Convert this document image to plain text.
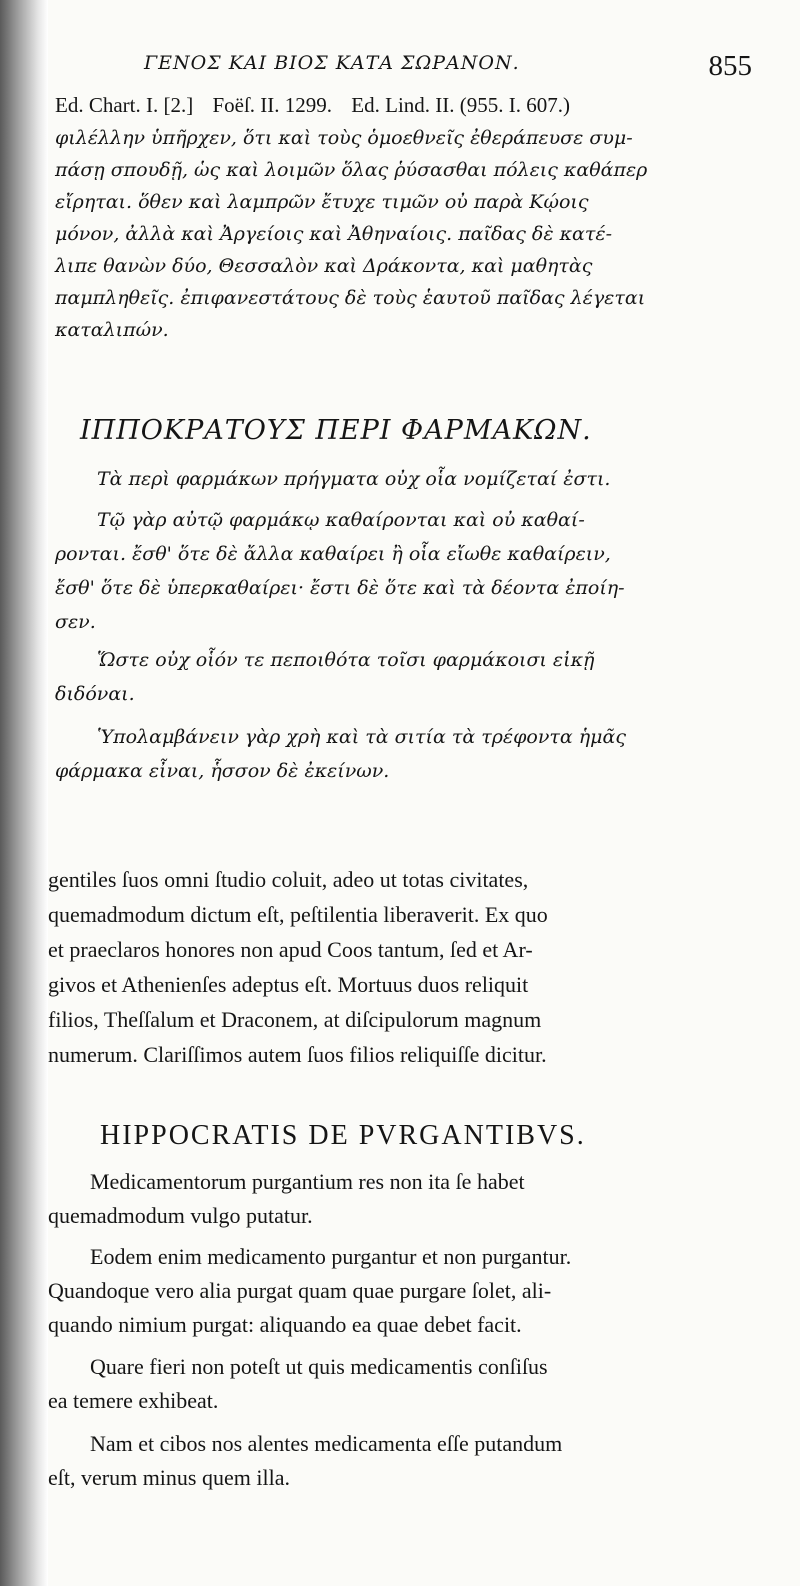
ΓΕΝΟΣ ΚΑΙ ΒΙΟΣ ΚΑΤΑ ΣΩΡΑΝΟΝ.	855
Ed. Chart. I. [2.] Foëſ. II. 1299. Ed. Lind. II. (955. I. 607.)
φιλέλλην ὑπῆρχεν, ὅτι καὶ τοὺς ὁμοεθνεῖς ἐθεράπευσε συμ-
πάσῃ σπουδῇ, ὡς καὶ λοιμῶν ὅλας ῥύσασθαι πόλεις καθάπερ
εἴρηται. ὅθεν καὶ λαμπρῶν ἔτυχε τιμῶν οὐ παρὰ Κῴοις
μόνον, ἀλλὰ καὶ Ἀργείοις καὶ Ἀθηναίοις. παῖδας δὲ κατέ-
λιπε θανὼν δύο, Θεσσαλὸν καὶ Δράκοντα, καὶ μαθητὰς
παμπληθεῖς. ἐπιφανεστάτους δὲ τοὺς ἑαυτοῦ παῖδας λέγεται
καταλιπών.
ΙΠΠΟΚΡΑΤΟΥΣ ΠΕΡΙ ΦΑΡΜΑΚΩΝ.
Τὰ περὶ φαρμάκων πρήγματα οὐχ οἷα νομίζεταί ἐστι.
Τῷ γὰρ αὐτῷ φαρμάκῳ καθαίρονται καὶ οὐ καθαί-
ρονται. ἔσθ' ὅτε δὲ ἄλλα καθαίρει ἢ οἷα εἴωθε καθαίρειν,
ἔσθ' ὅτε δὲ ὑπερκαθαίρει· ἔστι δὲ ὅτε καὶ τὰ δέοντα ἐποίη-
σεν.
Ὥστε οὐχ οἷόν τε πεποιθότα τοῖσι φαρμάκοισι εἰκῇ
διδόναι.
Ὑπολαμβάνειν γὰρ χρὴ καὶ τὰ σιτία τὰ τρέφοντα ἡμᾶς
φάρμακα εἶναι, ἧσσον δὲ ἐκείνων.
gentiles ſuos omni ſtudio coluit, adeo ut totas civitates,
quemadmodum dictum eſt, peſtilentia liberaverit. Ex quo
et praeclaros honores non apud Coos tantum, ſed et Ar-
givos et Athenienſes adeptus eſt. Mortuus duos reliquit
filios, Theſſalum et Draconem, at diſcipulorum magnum
numerum. Clariſſimos autem ſuos filios reliquiſſe dicitur.
HIPPOCRATIS DE PVRGANTIBVS.
Medicamentorum purgantium res non ita ſe habet
quemadmodum vulgo putatur.
Eodem enim medicamento purgantur et non purgantur.
Quandoque vero alia purgat quam quae purgare ſolet, ali-
quando nimium purgat: aliquando ea quae debet facit.
Quare fieri non poteſt ut quis medicamentis conſiſus
ea temere exhibeat.
Nam et cibos nos alentes medicamenta eſſe putandum
eſt, verum minus quem illa.
